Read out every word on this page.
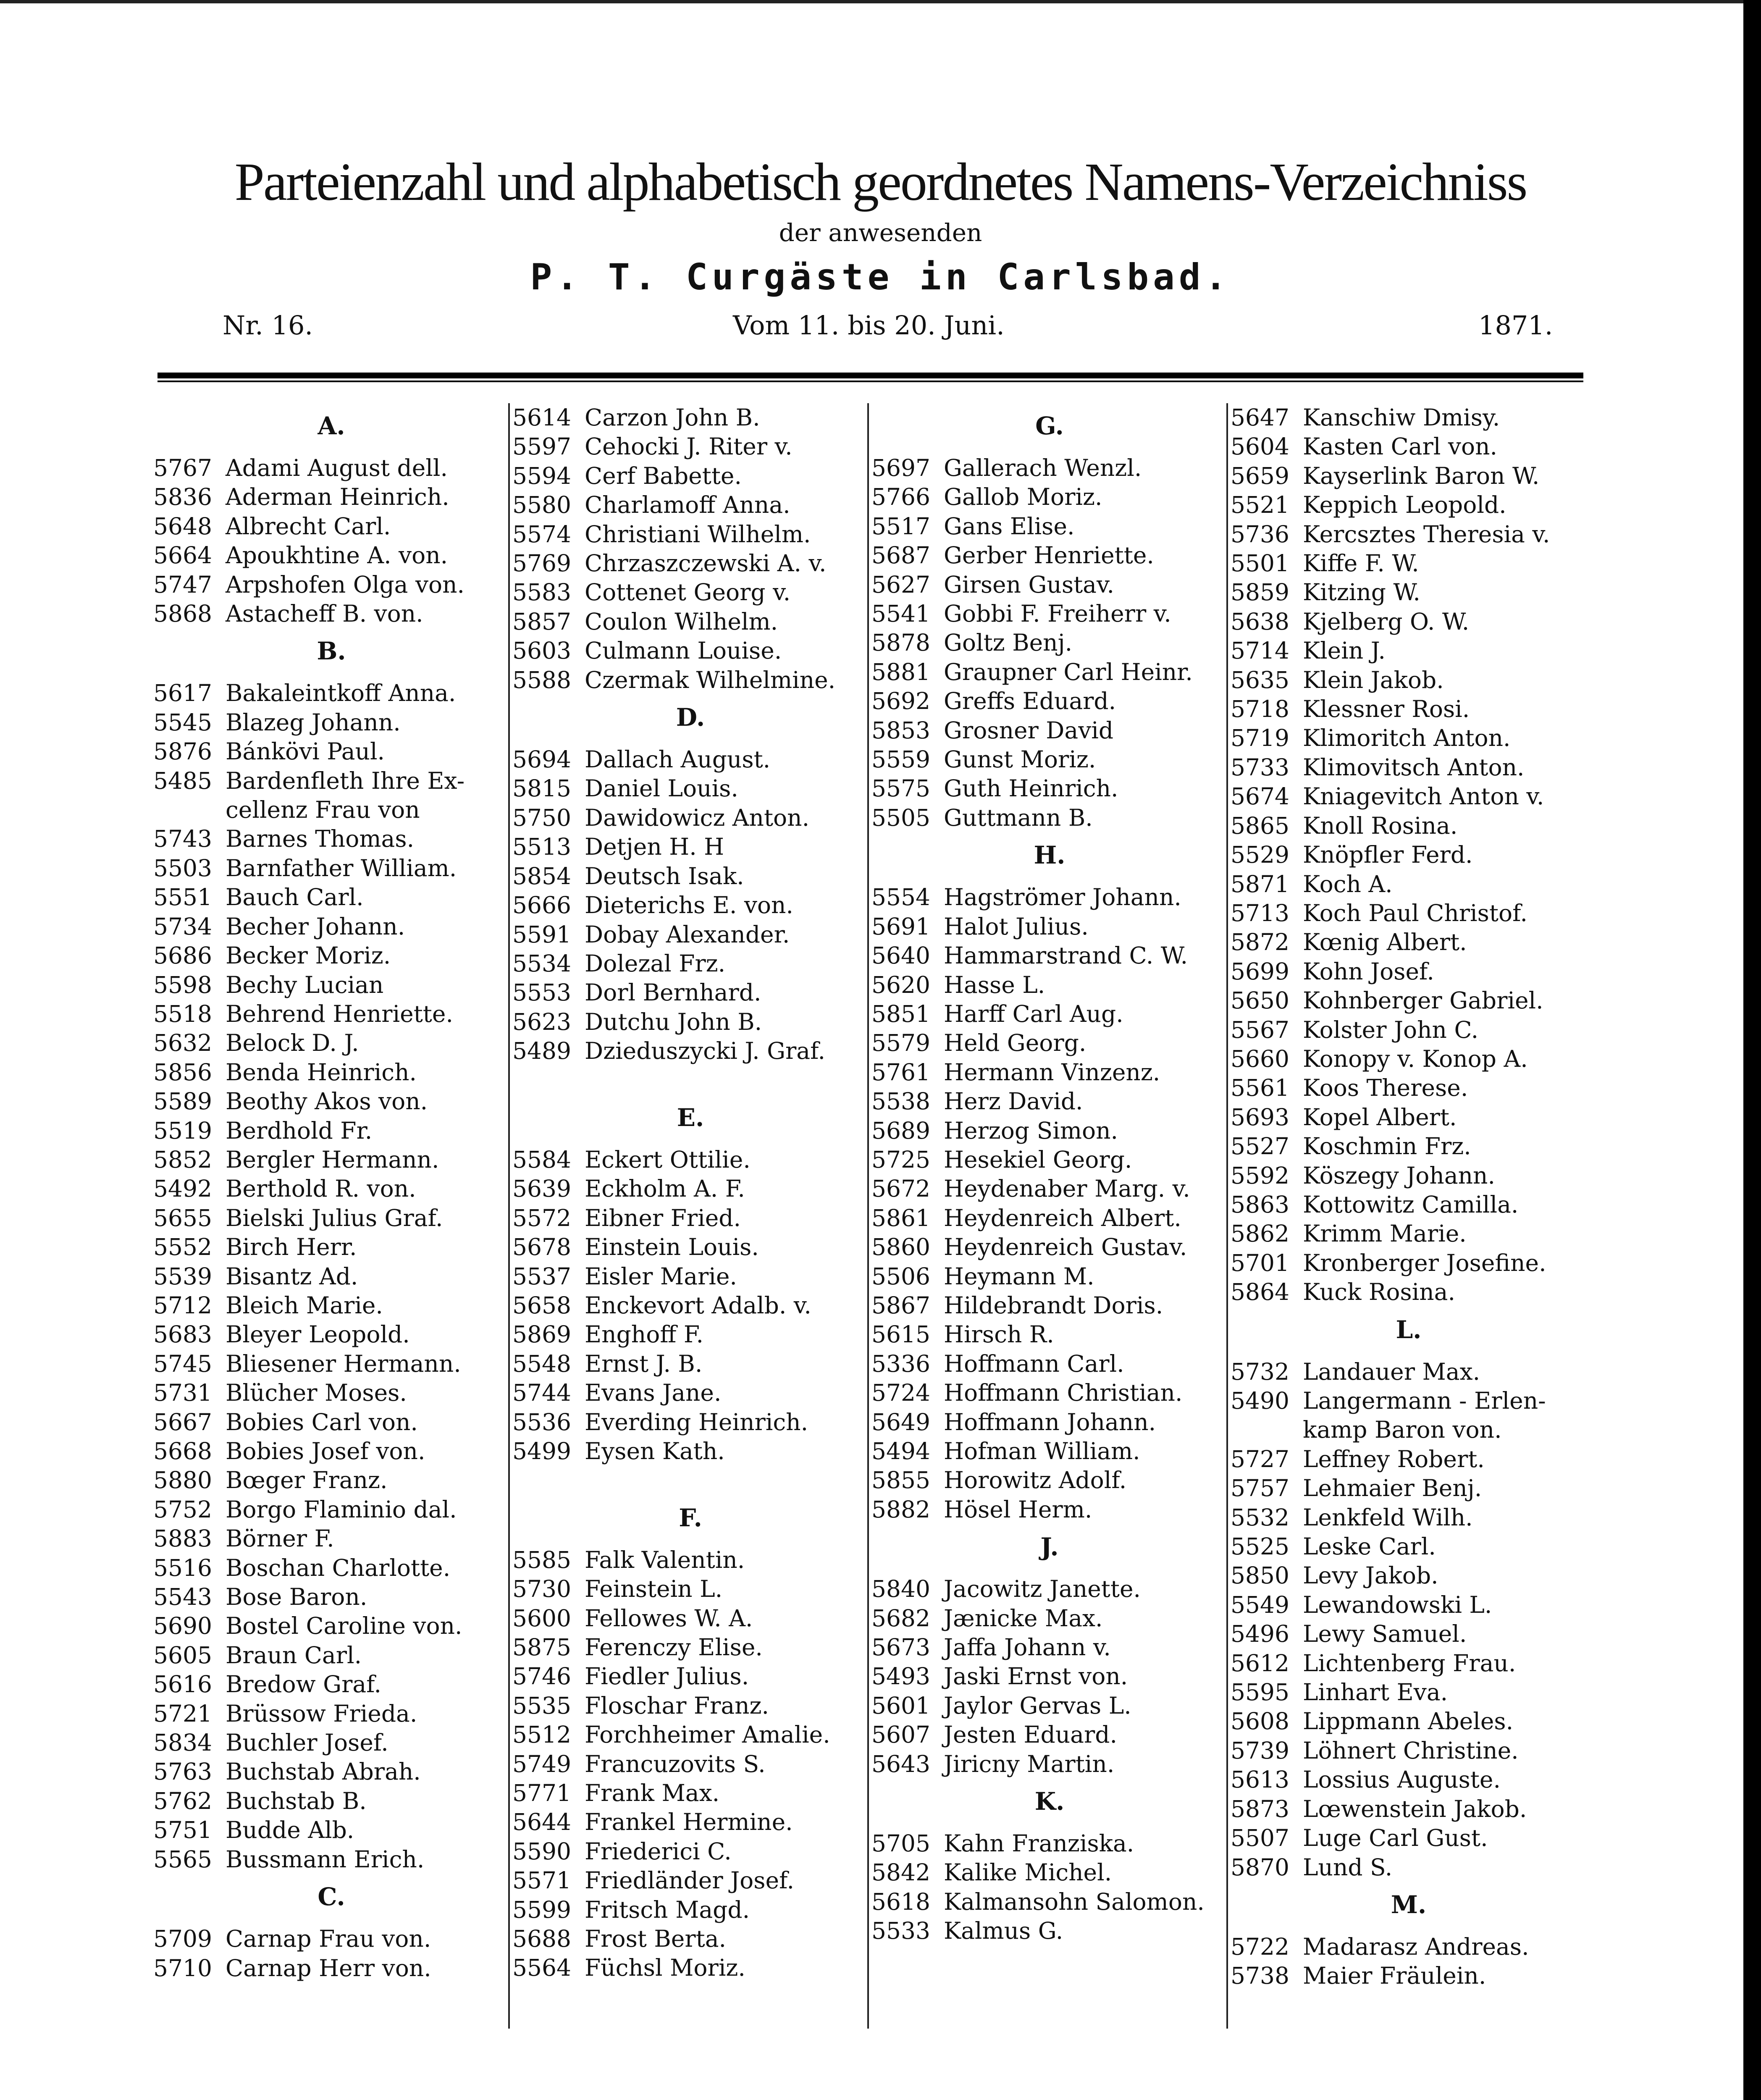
Parteienzahl und alphabetisch geordnetes Namens-Verzeichniss
der anwesenden
P. T. Curgäste in Carlsbad.
Nr. 16.	Vom 11. bis 20. Juni.	1871.
A.
5767 Adami August dell.
5836 Aderman Heinrich.
5648 Albrecht Carl.
5664 Apoukhtine A. von.
5747 Arpshofen Olga von.
5868 Astacheff B. von.
B.
5617 Bakaleintkoff Anna.
5545 Blazeg Johann.
5876 Bánkövi Paul.
5485 Bardenfleth Ihre Ex-
cellenz Frau von
5743 Barnes Thomas.
5503 Barnfather William.
5551 Bauch Carl.
5734 Becher Johann.
5686 Becker Moriz.
5598 Bechy Lucian
5518 Behrend Henriette.
5632 Belock D. J.
5856 Benda Heinrich.
5589 Beothy Akos von.
5519 Berdhold Fr.
5852 Bergler Hermann.
5492 Berthold R. von.
5655 Bielski Julius Graf.
5552 Birch Herr.
5539 Bisantz Ad.
5712 Bleich Marie.
5683 Bleyer Leopold.
5745 Bliesener Hermann.
5731 Blücher Moses.
5667 Bobies Carl von.
5668 Bobies Josef von.
5880 Bœger Franz.
5752 Borgo Flaminio dal.
5883 Börner F.
5516 Boschan Charlotte.
5543 Bose Baron.
5690 Bostel Caroline von.
5605 Braun Carl.
5616 Bredow Graf.
5721 Brüssow Frieda.
5834 Buchler Josef.
5763 Buchstab Abrah.
5762 Buchstab B.
5751 Budde Alb.
5565 Bussmann Erich.
C.
5709 Carnap Frau von.
5710 Carnap Herr von.
5614 Carzon John B.
5597 Cehocki J. Riter v.
5594 Cerf Babette.
5580 Charlamoff Anna.
5574 Christiani Wilhelm.
5769 Chrzaszczewski A. v.
5583 Cottenet Georg v.
5857 Coulon Wilhelm.
5603 Culmann Louise.
5588 Czermak Wilhelmine.
D.
5694 Dallach August.
5815 Daniel Louis.
5750 Dawidowicz Anton.
5513 Detjen H. H
5854 Deutsch Isak.
5666 Dieterichs E. von.
5591 Dobay Alexander.
5534 Dolezal Frz.
5553 Dorl Bernhard.
5623 Dutchu John B.
5489 Dzieduszycki J. Graf.
E.
5584 Eckert Ottilie.
5639 Eckholm A. F.
5572 Eibner Fried.
5678 Einstein Louis.
5537 Eisler Marie.
5658 Enckevort Adalb. v.
5869 Enghoff F.
5548 Ernst J. B.
5744 Evans Jane.
5536 Everding Heinrich.
5499 Eysen Kath.
F.
5585 Falk Valentin.
5730 Feinstein L.
5600 Fellowes W. A.
5875 Ferenczy Elise.
5746 Fiedler Julius.
5535 Floschar Franz.
5512 Forchheimer Amalie.
5749 Francuzovits S.
5771 Frank Max.
5644 Frankel Hermine.
5590 Friederici C.
5571 Friedländer Josef.
5599 Fritsch Magd.
5688 Frost Berta.
5564 Füchsl Moriz.
G.
5697 Gallerach Wenzl.
5766 Gallob Moriz.
5517 Gans Elise.
5687 Gerber Henriette.
5627 Girsen Gustav.
5541 Gobbi F. Freiherr v.
5878 Goltz Benj.
5881 Graupner Carl Heinr.
5692 Greffs Eduard.
5853 Grosner David
5559 Gunst Moriz.
5575 Guth Heinrich.
5505 Guttmann B.
H.
5554 Hagströmer Johann.
5691 Halot Julius.
5640 Hammarstrand C. W.
5620 Hasse L.
5851 Harff Carl Aug.
5579 Held Georg.
5761 Hermann Vinzenz.
5538 Herz David.
5689 Herzog Simon.
5725 Hesekiel Georg.
5672 Heydenaber Marg. v.
5861 Heydenreich Albert.
5860 Heydenreich Gustav.
5506 Heymann M.
5867 Hildebrandt Doris.
5615 Hirsch R.
5336 Hoffmann Carl.
5724 Hoffmann Christian.
5649 Hoffmann Johann.
5494 Hofman William.
5855 Horowitz Adolf.
5882 Hösel Herm.
J.
5840 Jacowitz Janette.
5682 Jænicke Max.
5673 Jaffa Johann v.
5493 Jaski Ernst von.
5601 Jaylor Gervas L.
5607 Jesten Eduard.
5643 Jiricny Martin.
K.
5705 Kahn Franziska.
5842 Kalike Michel.
5618 Kalmansohn Salomon.
5533 Kalmus G.
5647 Kanschiw Dmisy.
5604 Kasten Carl von.
5659 Kayserlink Baron W.
5521 Keppich Leopold.
5736 Kercsztes Theresia v.
5501 Kiffe F. W.
5859 Kitzing W.
5638 Kjelberg O. W.
5714 Klein J.
5635 Klein Jakob.
5718 Klessner Rosi.
5719 Klimoritch Anton.
5733 Klimovitsch Anton.
5674 Kniagevitch Anton v.
5865 Knoll Rosina.
5529 Knöpfler Ferd.
5871 Koch A.
5713 Koch Paul Christof.
5872 Kœnig Albert.
5699 Kohn Josef.
5650 Kohnberger Gabriel.
5567 Kolster John C.
5660 Konopy v. Konop A.
5561 Koos Therese.
5693 Kopel Albert.
5527 Koschmin Frz.
5592 Köszegy Johann.
5863 Kottowitz Camilla.
5862 Krimm Marie.
5701 Kronberger Josefine.
5864 Kuck Rosina.
L.
5732 Landauer Max.
5490 Langermann - Erlen-
kamp Baron von.
5727 Leffney Robert.
5757 Lehmaier Benj.
5532 Lenkfeld Wilh.
5525 Leske Carl.
5850 Levy Jakob.
5549 Lewandowski L.
5496 Lewy Samuel.
5612 Lichtenberg Frau.
5595 Linhart Eva.
5608 Lippmann Abeles.
5739 Löhnert Christine.
5613 Lossius Auguste.
5873 Lœwenstein Jakob.
5507 Luge Carl Gust.
5870 Lund S.
M.
5722 Madarasz Andreas.
5738 Maier Fräulein.
